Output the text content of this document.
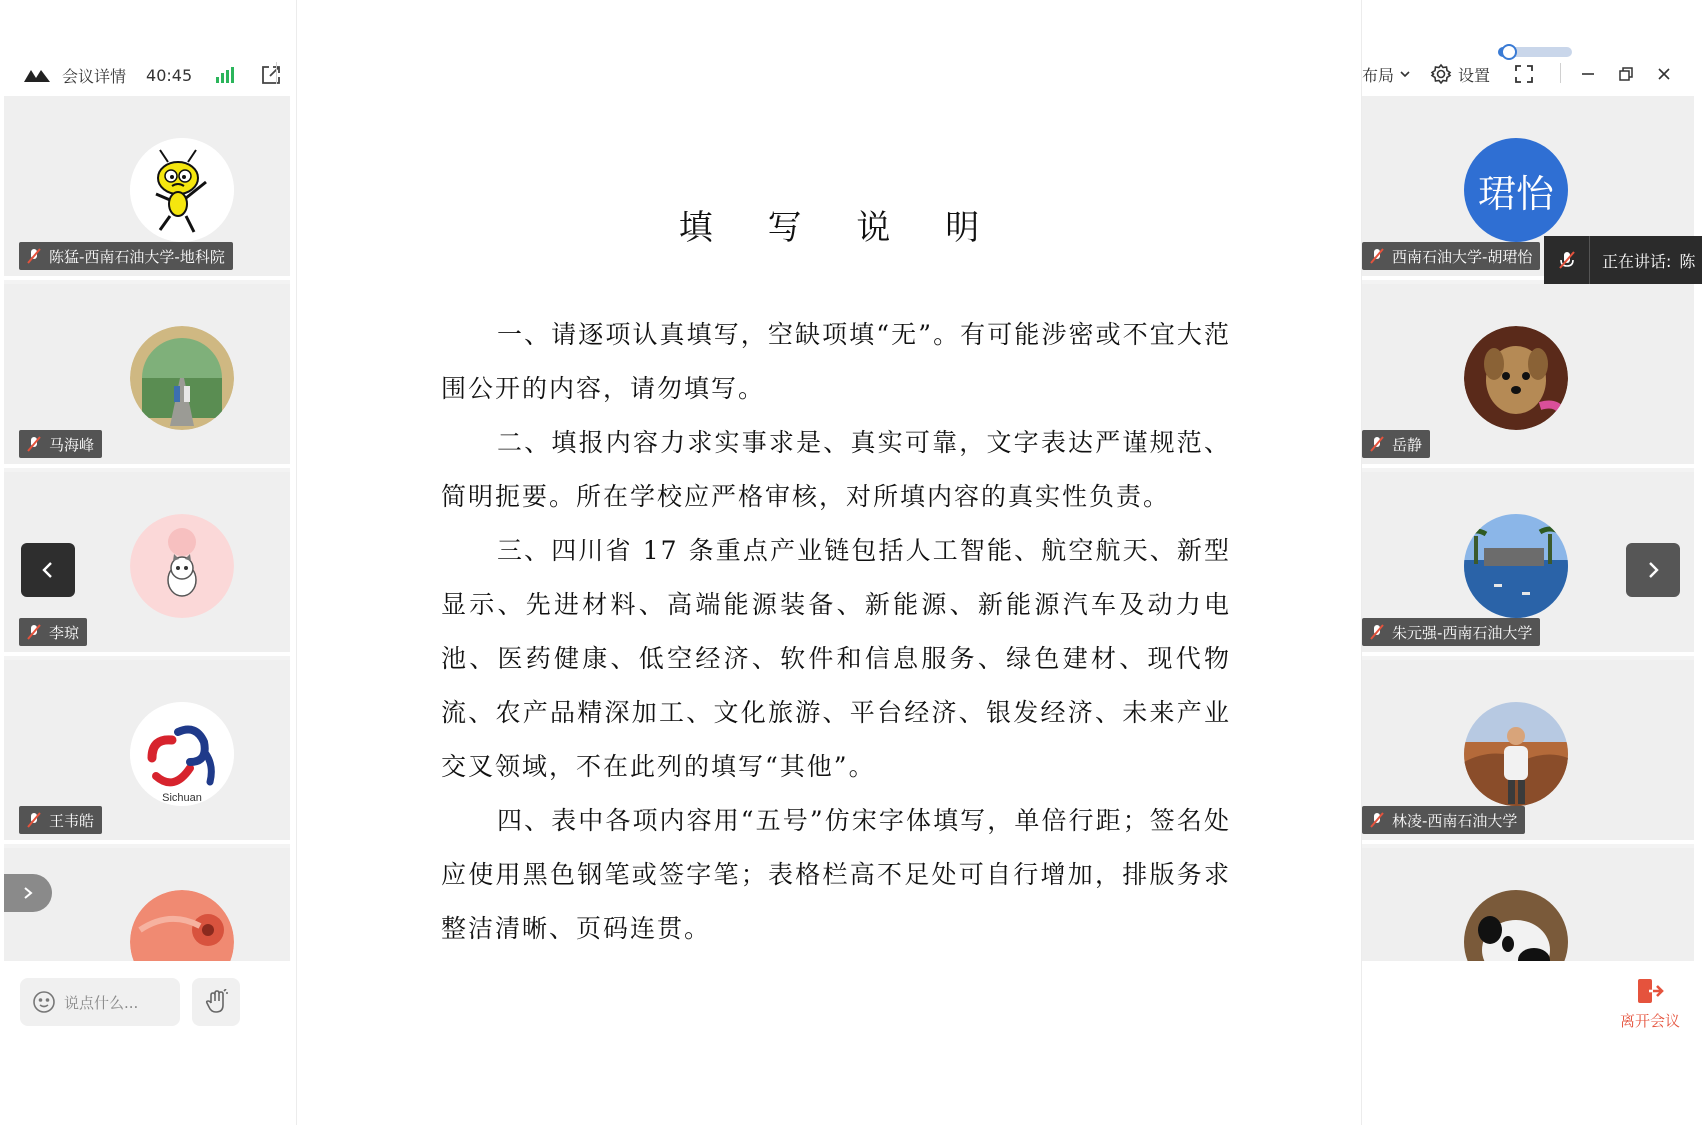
会议详情 40:45	布局	设置
陈猛-西南石油大学-地科院
马海峰
李琼
Sichuan
王韦皓
填 写 说 明

一、请逐项认真填写，空缺项填“无”。有可能涉密或不宜大范围公开的内容，请勿填写。

二、填报内容力求实事求是、真实可靠，文字表达严谨规范、简明扼要。所在学校应严格审核，对所填内容的真实性负责。

三、四川省 17 条重点产业链包括人工智能、航空航天、新型显示、先进材料、高端能源装备、新能源、新能源汽车及动力电池、医药健康、低空经济、软件和信息服务、绿色建材、现代物流、农产品精深加工、文化旅游、平台经济、银发经济、未来产业交叉领域，不在此列的填写“其他”。

四、表中各项内容用“五号”仿宋字体填写，单倍行距；签名处应使用黑色钢笔或签字笔；表格栏高不足处可自行增加，排版务求整洁清晰、页码连贯。

珺怡
西南石油大学-胡珺怡
岳静
朱元强-西南石油大学
林凌-西南石油大学
正在讲话: 陈
说点什么...
离开会议
